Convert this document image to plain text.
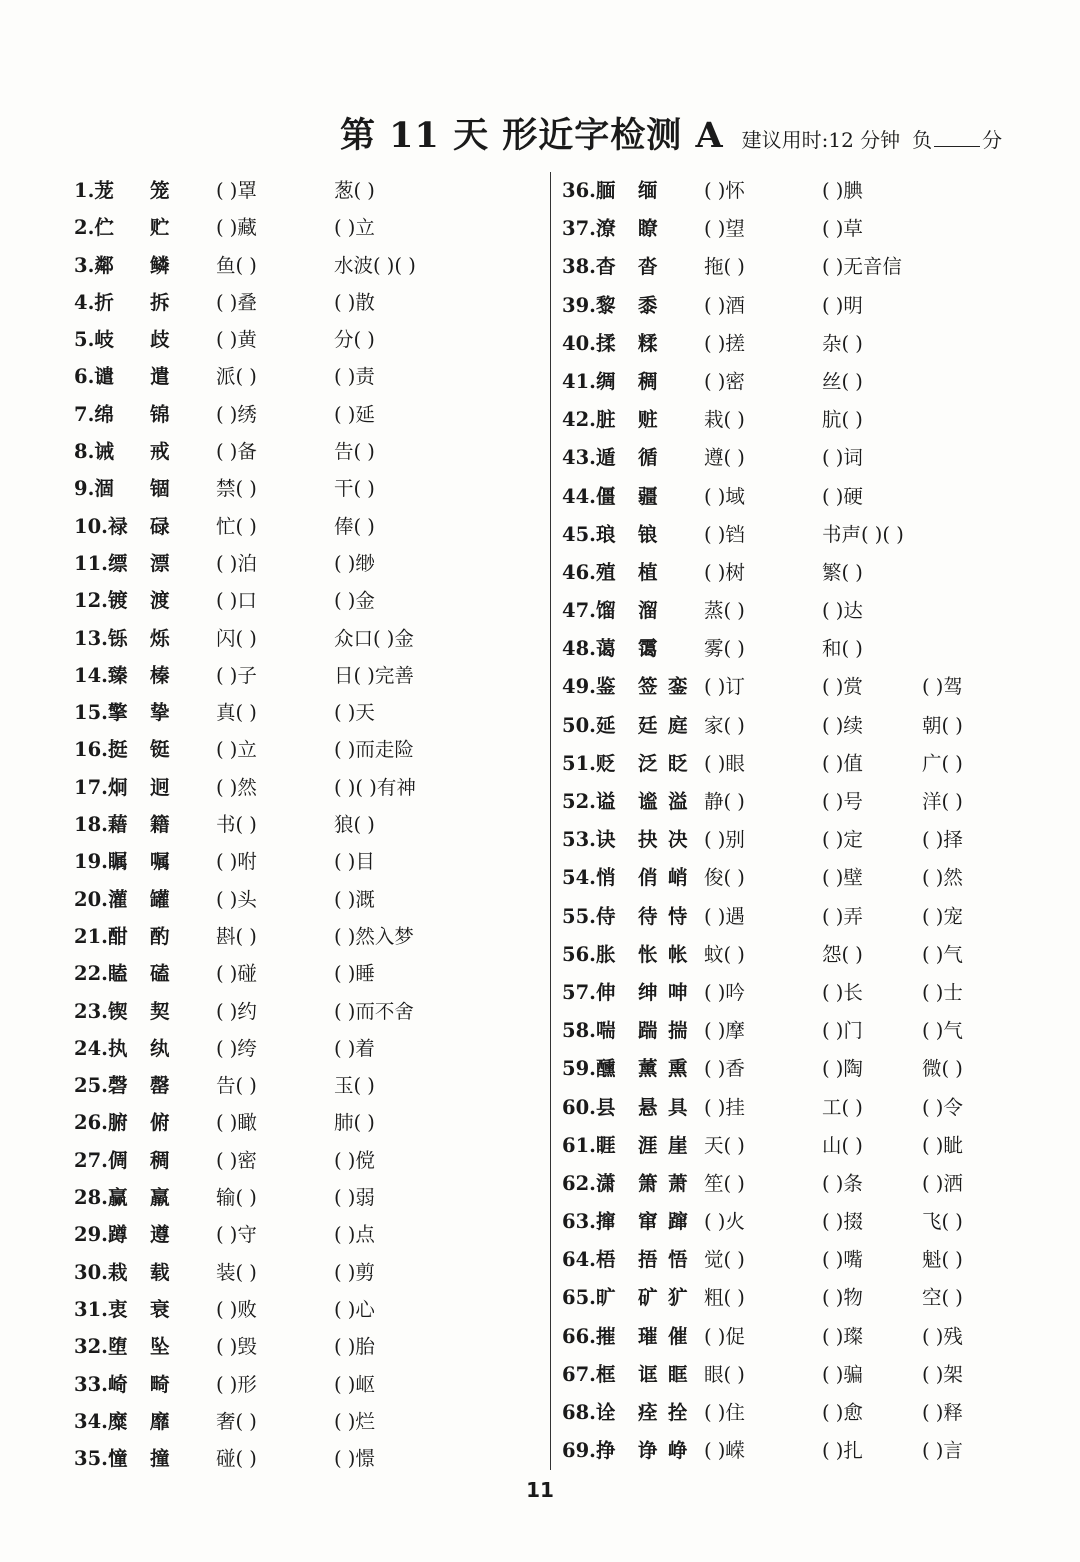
第 11 天 形近字检测 A 建议用时:12 分钟 负	分
1.茏 笼 ( )罩	葱( )
2.伫 贮 ( )藏	( )立
3.鄰 鳞 鱼( )	水波( )( )
4.折 拆 ( )叠	( )散
5.岐 歧 ( )黄	分( )
6.谴 遣 派( )	( )责
7.绵 锦 ( )绣	( )延
8.诫 戒 ( )备	告( )
9.涸 锢 禁( )	干( )
10.禄 碌 忙( )	俸( )
11.缥 漂 ( )泊	( )缈
12.镀 渡 ( )口	( )金
13.铄 烁 闪( )	众口( )金
14.臻 榛 ( )子	日( )完善
15.擎 挚 真( )	( )天
16.挺 铤 ( )立	( )而走险
17.炯 迥 ( )然	( )( )有神
18.藉 籍 书( )	狼( )
19.瞩 嘱 ( )咐	( )目
20.灌 罐 ( )头	( )溉
21.酣 酌 斟( )	( )然入梦
22.瞌 磕 ( )碰	( )睡
23.锲 契 ( )约	( )而不舍
24.执 纨 ( )绔	( )着
25.磬 罄 告( )	玉( )
26.腑 俯 ( )瞰	肺( )
27.倜 稠 ( )密	( )傥
28.赢 羸 输( )	( )弱
29.蹲 遵 ( )守	( )点
30.栽 载 装( )	( )剪
31.衷 衰 ( )败	( )心
32.堕 坠 ( )毁	( )胎
33.崎 畸 ( )形	( )岖
34.糜 靡 奢( )	( )烂
35.憧 撞 碰( )	( )憬
36.腼 缅 ( )怀	( )腆
37.潦 瞭 ( )望	( )草
38.杳 沓 拖( )	( )无音信
39.黎 黍 ( )酒	( )明
40.揉 糅 ( )搓	杂( )
41.绸 稠 ( )密	丝( )
42.脏 赃 栽( )	肮( )
43.遁 循 遵( )	( )词
44.僵 疆 ( )域	( )硬
45.琅 锒 ( )铛	书声( )( )
46.殖 植 ( )树	繁( )
47.馏 溜 蒸( )	( )达
48.蔼 霭 雾( )	和( )
49.鉴 签 銮 ( )订	( )赏	( )驾
50.延 廷 庭 家( )	( )续	朝( )
51.贬 泛 眨 ( )眼	( )值	广( )
52.谥 谧 溢 静( )	( )号	洋( )
53.诀 抉 决 ( )别	( )定	( )择
54.悄 俏 峭 俊( )	( )壁	( )然
55.侍 待 恃 ( )遇	( )弄	( )宠
56.胀 怅 帐 蚊( )	怨( )	( )气
57.伸 绅 呻 ( )吟	( )长	( )士
58.喘 踹 揣 ( )摩	( )门	( )气
59.醺 薰 熏 ( )香	( )陶	微( )
60.县 悬 具 ( )挂	工( )	( )令
61.睚 涯 崖 天( )	山( )	( )眦
62.潇 箫 萧 笙( )	( )条	( )洒
63.撺 窜 蹿 ( )火	( )掇	飞( )
64.梧 捂 悟 觉( )	( )嘴	魁( )
65.旷 矿 犷 粗( )	( )物	空( )
66.摧 璀 催 ( )促	( )璨	( )残
67.框 诓 眶 眼( )	( )骗	( )架
68.诠 痊 拴 ( )住	( )愈	( )释
69.挣 诤 峥 ( )嵘	( )扎	( )言
11
